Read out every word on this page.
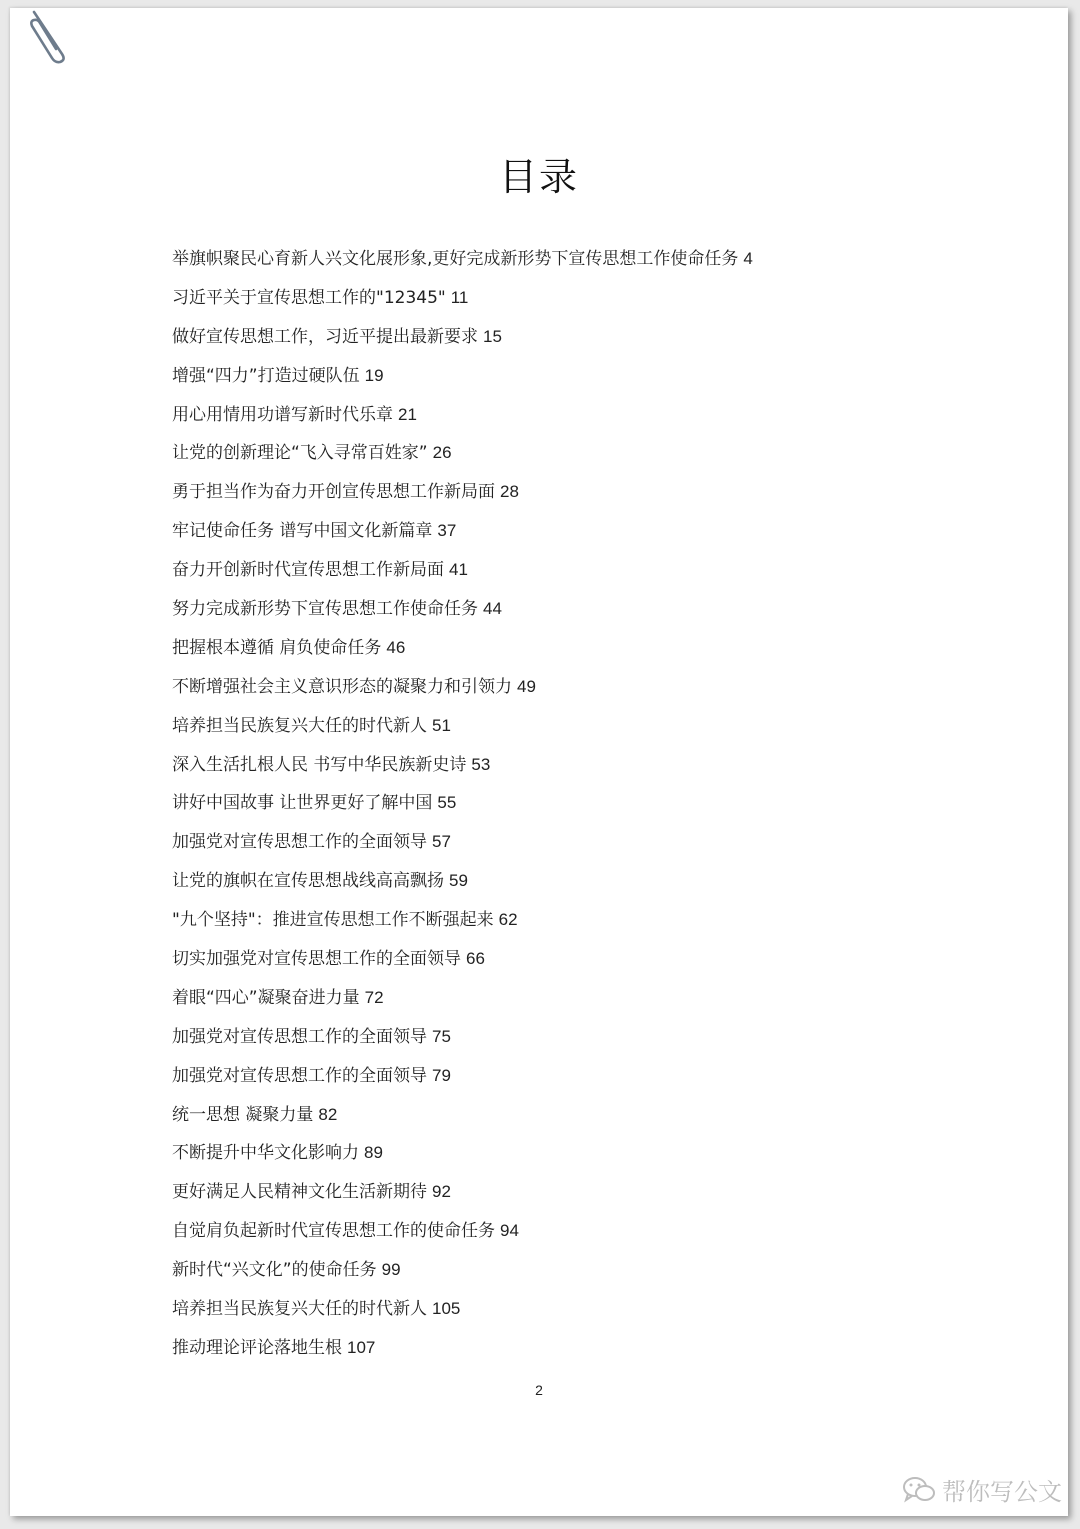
目录
举旗帜聚民心育新人兴文化展形象,更好完成新形势下宣传思想工作使命任务 4
习近平关于宣传思想工作的"12345" 11
做好宣传思想工作，习近平提出最新要求 15
增强“四力”打造过硬队伍 19
用心用情用功谱写新时代乐章 21
让党的创新理论“飞入寻常百姓家” 26
勇于担当作为奋力开创宣传思想工作新局面 28
牢记使命任务 谱写中国文化新篇章 37
奋力开创新时代宣传思想工作新局面 41
努力完成新形势下宣传思想工作使命任务 44
把握根本遵循 肩负使命任务 46
不断增强社会主义意识形态的凝聚力和引领力 49
培养担当民族复兴大任的时代新人 51
深入生活扎根人民 书写中华民族新史诗 53
讲好中国故事 让世界更好了解中国 55
加强党对宣传思想工作的全面领导 57
让党的旗帜在宣传思想战线高高飘扬 59
"九个坚持"：推进宣传思想工作不断强起来 62
切实加强党对宣传思想工作的全面领导 66
着眼“四心”凝聚奋进力量 72
加强党对宣传思想工作的全面领导 75
加强党对宣传思想工作的全面领导 79
统一思想 凝聚力量 82
不断提升中华文化影响力 89
更好满足人民精神文化生活新期待 92
自觉肩负起新时代宣传思想工作的使命任务 94
新时代“兴文化”的使命任务 99
培养担当民族复兴大任的时代新人 105
推动理论评论落地生根 107
2
帮你写公文
